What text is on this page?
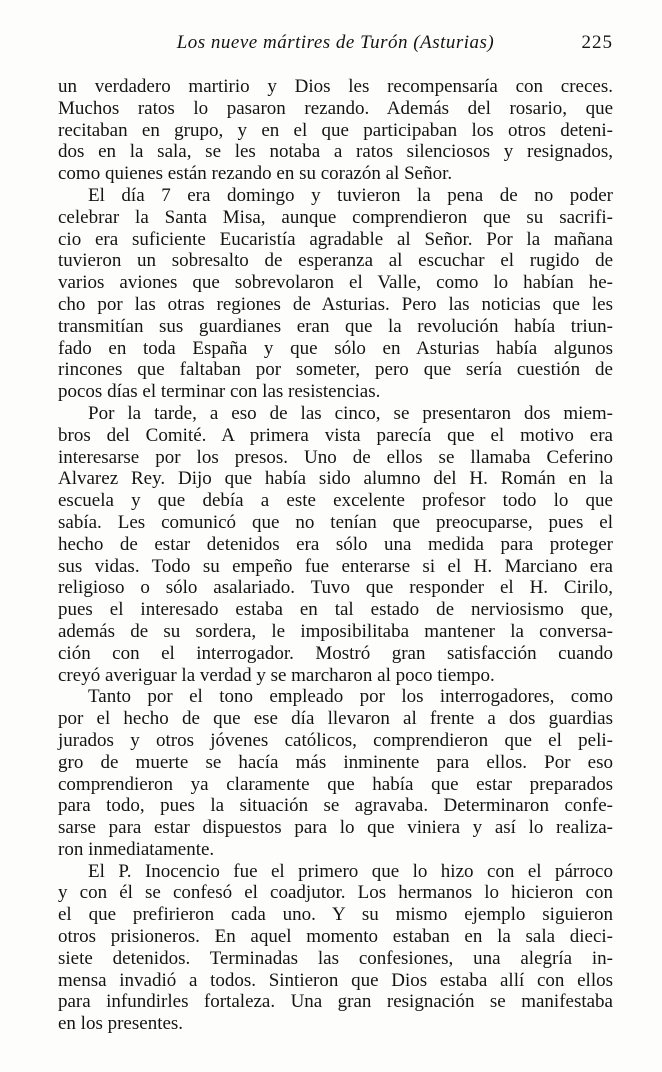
Los nueve mártires de Turón (Asturias)	225

un verdadero martirio y Dios les recompensaría con creces.
Muchos ratos lo pasaron rezando. Además del rosario, que
recitaban en grupo, y en el que participaban los otros deteni-
dos en la sala, se les notaba a ratos silenciosos y resignados,
como quienes están rezando en su corazón al Señor.

El día 7 era domingo y tuvieron la pena de no poder
celebrar la Santa Misa, aunque comprendieron que su sacrifi-
cio era suficiente Eucaristía agradable al Señor. Por la mañana
tuvieron un sobresalto de esperanza al escuchar el rugido de
varios aviones que sobrevolaron el Valle, como lo habían he-
cho por las otras regiones de Asturias. Pero las noticias que les
transmitían sus guardianes eran que la revolución había triun-
fado en toda España y que sólo en Asturias había algunos
rincones que faltaban por someter, pero que sería cuestión de
pocos días el terminar con las resistencias.

Por la tarde, a eso de las cinco, se presentaron dos miem-
bros del Comité. A primera vista parecía que el motivo era
interesarse por los presos. Uno de ellos se llamaba Ceferino
Alvarez Rey. Dijo que había sido alumno del H. Román en la
escuela y que debía a este excelente profesor todo lo que
sabía. Les comunicó que no tenían que preocuparse, pues el
hecho de estar detenidos era sólo una medida para proteger
sus vidas. Todo su empeño fue enterarse si el H. Marciano era
religioso o sólo asalariado. Tuvo que responder el H. Cirilo,
pues el interesado estaba en tal estado de nerviosismo que,
además de su sordera, le imposibilitaba mantener la conversa-
ción con el interrogador. Mostró gran satisfacción cuando
creyó averiguar la verdad y se marcharon al poco tiempo.

Tanto por el tono empleado por los interrogadores, como
por el hecho de que ese día llevaron al frente a dos guardias
jurados y otros jóvenes católicos, comprendieron que el peli-
gro de muerte se hacía más inminente para ellos. Por eso
comprendieron ya claramente que había que estar preparados
para todo, pues la situación se agravaba. Determinaron confe-
sarse para estar dispuestos para lo que viniera y así lo realiza-
ron inmediatamente.

El P. Inocencio fue el primero que lo hizo con el párroco
y con él se confesó el coadjutor. Los hermanos lo hicieron con
el que prefirieron cada uno. Y su mismo ejemplo siguieron
otros prisioneros. En aquel momento estaban en la sala dieci-
siete detenidos. Terminadas las confesiones, una alegría in-
mensa invadió a todos. Sintieron que Dios estaba allí con ellos
para infundirles fortaleza. Una gran resignación se manifestaba
en los presentes.
